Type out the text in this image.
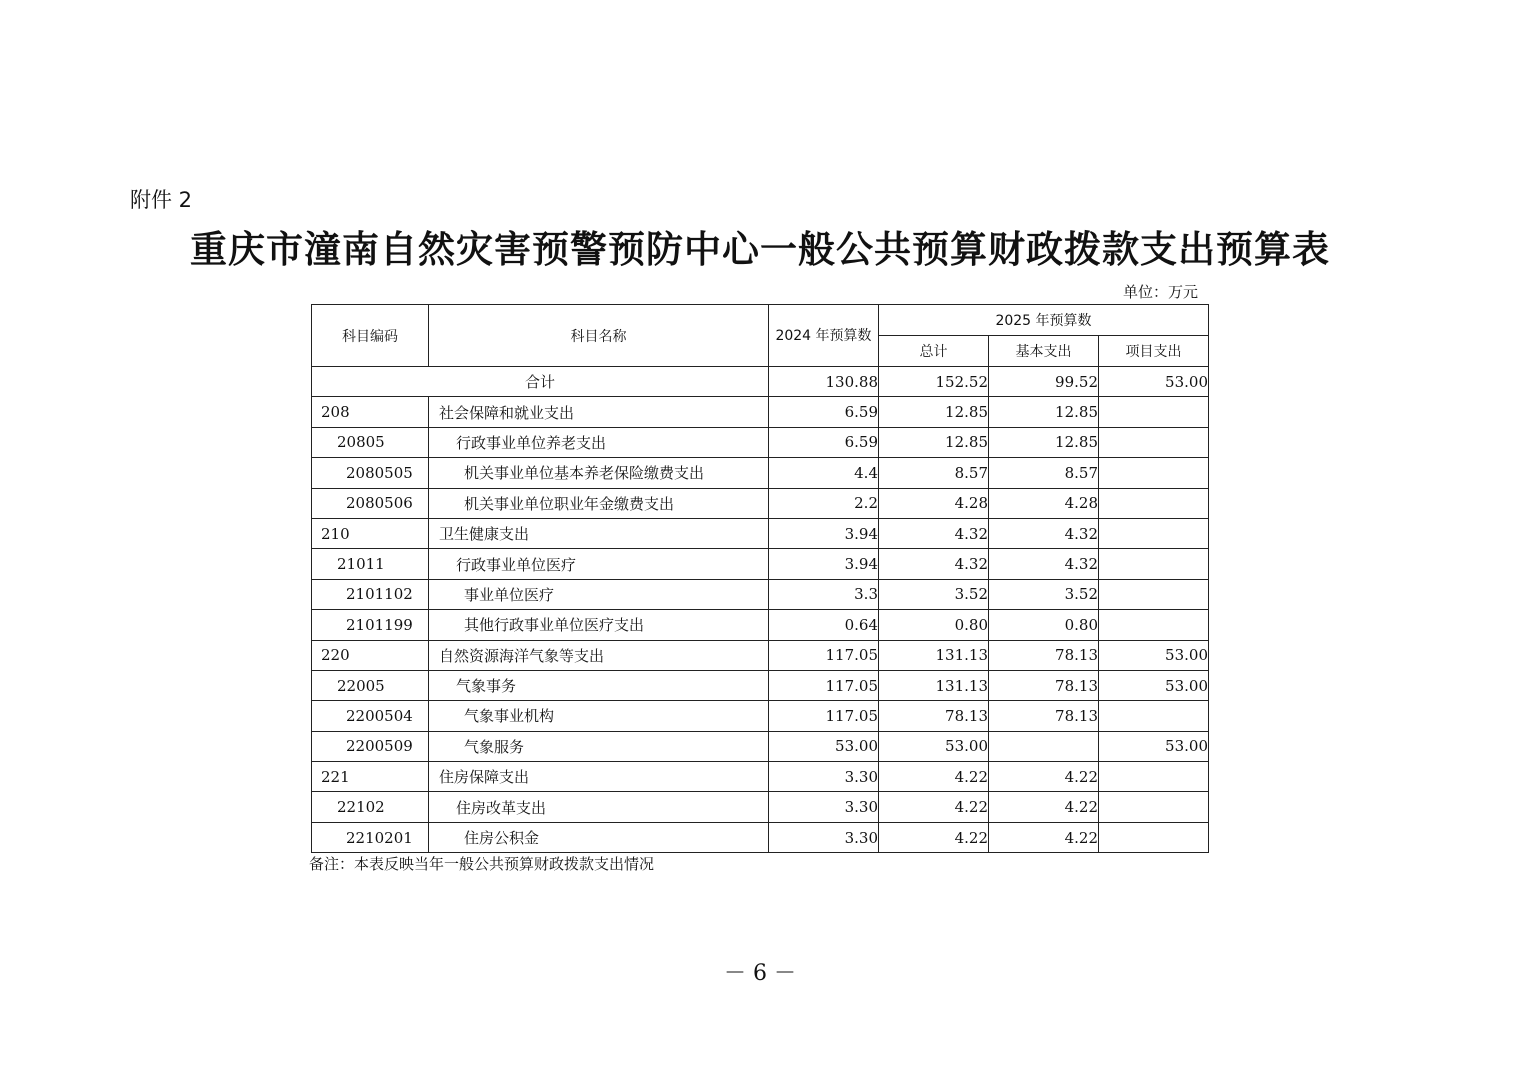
附件 2
重庆市潼南自然灾害预警预防中心一般公共预算财政拨款支出预算表
单位：万元
科目编码	科目名称	2024 年预算数	2025 年预算数		
			总计	基本支出	项目支出
合计		130.88	152.52	99.52	53.00
208	社会保障和就业支出	6.59	12.85	12.85	
20805	行政事业单位养老支出	6.59	12.85	12.85	
2080505	机关事业单位基本养老保险缴费支出	4.4	8.57	8.57	
2080506	机关事业单位职业年金缴费支出	2.2	4.28	4.28	
210	卫生健康支出	3.94	4.32	4.32	
21011	行政事业单位医疗	3.94	4.32	4.32	
2101102	事业单位医疗	3.3	3.52	3.52	
2101199	其他行政事业单位医疗支出	0.64	0.80	0.80	
220	自然资源海洋气象等支出	117.05	131.13	78.13	53.00
22005	气象事务	117.05	131.13	78.13	53.00
2200504	气象事业机构	117.05	78.13	78.13	
2200509	气象服务	53.00	53.00		53.00
221	住房保障支出	3.30	4.22	4.22	
22102	住房改革支出	3.30	4.22	4.22	
2210201	住房公积金	3.30	4.22	4.22	
备注：本表反映当年一般公共预算财政拨款支出情况
－ 6 －
